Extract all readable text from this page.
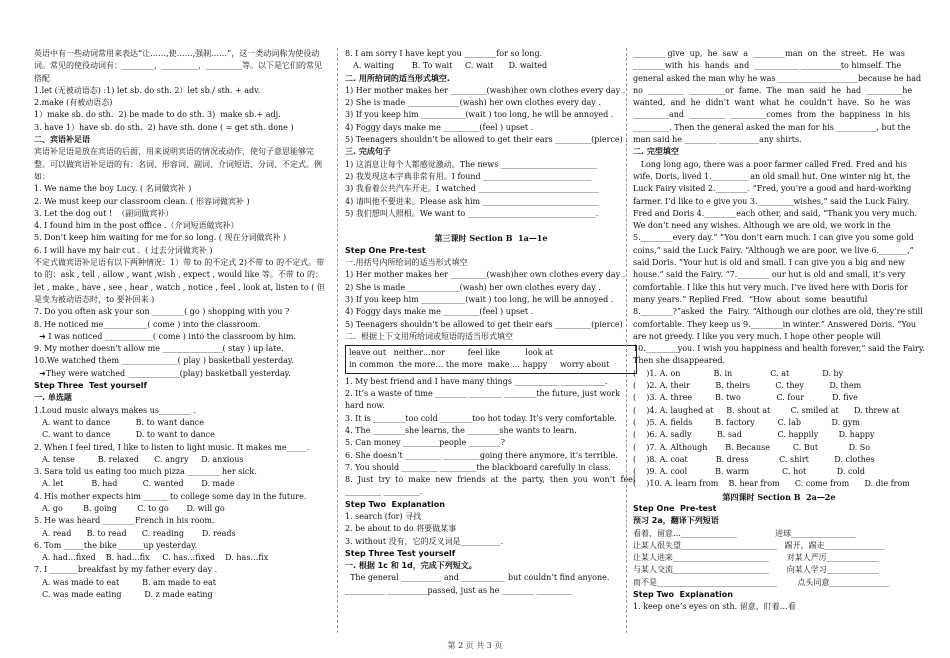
英语中有一些动词常用来表达“让……,使……,强制……”，这一类动词称为使役动词。常见的使役动词有：________，_________，_________等。以下是它们的常见搭配

1.let (无被动语态) :1) let sb. do sth. 2）let sb./ sth. + adv.

2.make (有被动语态)

1）make sb. do sth.  2) be made to do sth. 3)  make sb.+ adj.

3. have 1）have sb. do sth.  2) have sth. done ( = get sth. done )

二、宾语补足语

宾语补足语是放在宾语的后面，用来说明宾语的情况或动作，使句子意思能够完整。可以做宾语补足语的有：名词、形容词、副词、介词短语、分词、不定式。例如：

1. We name the boy Lucy. ( 名词做宾补 )

2. We must keep our classroom clean. ( 形容词做宾补 )

3. Let the dog out !  （副词做宾补）

4. I found him in the post office .（介词短语做宾补）

5. Don’t keep him waiting for me for so long. ( 现在分词做宾补 )

6. I will have my hair cut .  ( 过去分词做宾补 )

不定式做宾语补足语有以下两种情况：1）带 to 的不定式 2)不带 to 的不定式。带 to 的：ask , tell , allow , want ,wish , expect , would like 等。不带 to 的： let , make , have , see , hear , watch , notice , feel , look at, listen to ( 但是变为被动语态时，to 要补回来 )

7. Do you often ask your son ________( go ) shopping with you ?

8. He noticed me___________( come ) into the classroom.

➜ I was noticed ____________( come ) into the classroom by him.

9. My mother doesn’t allow me _______________( stay ) up late.

10.We watched them ______________( play ) basketball yesterday.

➜They were watched _____________(play) basketball yesterday.

Step Three  Test yourself

一. 单选题

1.Loud music always makes us________ .

A. want to dance          B. to want dance

C. want to dance          D. to want to dance

2. When I feel tired, I like to listen to light music. It makes me_____.

A. tense         B. relaxed      C. angry     D. anxious

3. Sara told us eating too much pizza ________ her sick.

A. let           B. had          C. wanted       D. made

4. His mother expects him ______ to college some day in the future.

A. go        B. going        C. to go       D. will go

5. He was heard ________French in his room.

A. read      B. to read      C. reading       D. reads

6. Tom _____the bike ______up yesterday.

A. had…fixed    B. had…fix     C. has…fixed    D. has…fix

7. I _______breakfast by my father every day .

A. was made to eat         B. am made to eat

C. was made eating         D. z made eating

8. I am sorry I have kept you ________for so long.

A. waiting       B. To wait     C. wait      D. waited

二. 用所给词的适当形式填空.

1) Her mother makes her _________(wash)her own clothes every day .

2) She is made _____________(wash) her own clothes every day .

3) If you keep him ___________(wait ) too long, he will be annoyed .

4) Foggy days make me _________(feel ) upset .

5) Teenagers shouldn’t be allowed to get their ears _________(pierce) .

三. 完成句子

1) 这消息让每个人都感觉激动。The news ________________________

2) 我发现这本字典非常有用。I found ___________________________

3) 我看着公共汽车开走。I watched ______________________________

4) 请叫他不要进来。Please ask him _____________________________

5) 我们想叫人照相。We want to ________________________________.

第三课时 Section B  1a—1e

Step One Pre-test

一.用括号内所给词的适当形式填空

1) Her mother makes her _________(wash)her own clothes every day .

2) She is made _____________(wash) her own clothes every day .

3) If you keep him ___________(wait ) too long, he will be annoyed .

4) Foggy days make me _________(feel ) upset .

5) Teenagers shouldn’t be allowed to get their ears _________(pierce) .

二．根据上下文用所给词或短语的适当形式填空

leave out   neither…nor         feel like          look at

in common  the more… the more  make … happy     worry about

1. My best friend and I have many things ___________ ___________.

2. It’s a waste of time ________ ________ ________the future, just work hard now.

3. It is ________too cold ________too hot today. It’s very comfortable.

4. The ________she learns, the ________she wants to learn.

5. Can money _________people ________?

6. She doesn’t _________ _________going there anymore, it’s terrible.

7. You should _________ _________the blackboard carefully in class.

8.  Just  try  to  make  new  friends  at  the  party,  then  you  won’t  feel _________ _________.

Step Two  Explanation

1. search (for) 寻找

2. be about to do 将要做某事

3. without 没有，它的反义词是__________.

Step Three Test yourself

一. 根据 1c 和 1d，完成下列短文。

The general __________ and ___________ but couldn’t find anyone. __________ __________passed, just as he ________ _________

________ give  up,  he  saw  a  ________man  on  the  street.  He  was ________with  his  hands  and  ___________ __________to himself. The general asked the man why he was ____________________because he had no  _________  _________or  fame.  The  man  said  he  had  _________he wanted,  and  he  didn’t  want  what  he  couldn’t  have.  So  he  was _________and  _________  _________comes  from  the  happiness  in  his _________. Then the general asked the man for his __________, but the man said he ________ __________any shirts.

二. 完型填空

Long long ago, there was a poor farmer called Fred. Fred and his wife, Doris, lived 1._________ an old small hut. One winter nig ht, the Luck Fairy visited 2.________. “Fred, you’re a good and hard-working farmer. I’d like to e give you 3._________wishes,” said the Luck Fairy. Fred and Doris 4.________each other, and said, “Thank you very much. We don’t need any wishes. Although we are old, we work in the 5.________every day.” “You don’t earn much. I can give you some gold coins,” said the Luck Fairy. “Although we are poor, we live 6._______,” said Doris. “Your hut is old and small. I can give you a big and new house.” said the Fairy. “7.________ our hut is old and small, it’s very comfortable. I like this hut very much. I’ve lived here with Doris for many years.” Replied Fred.  “How  about  some  beautiful  8.________?”asked  the  Fairy. “Although our clothes are old, they’re still comfortable. They keep us 9.________in winter.” Answered Doris. “You are not greedy. I like you very much. I hope other people will 10.________you. I wish you happiness and health forever,” said the Fairy. Then she disappeared.

(    )1. A. on             B. in               C. at             D. by

(    )2. A. their          B. theirs          C. they          D. them

(    )3. A. three         B. two              C. four           D. five

(    )4. A. laughed at     B. shout at        C. smiled at      D. threw at

(    )5. A. fields         B. factory         C. lab            D. gym

(    )6. A. sadly          B. sad              C. happily        D. happy

(    )7. A. Although       B. Because         C. But            D. So

(    )8. A. coat           B. dress            C. shirt          D. clothes

(    )9. A. cool           B. warm             C. hot            D. cold

(    )10. A. learn from    B. hear from      C. come from      D. die from

第四课时 Section B  2a—2e

Step One  Pre-test

预习 2a，翻译下列短语

看着，留意…______________               进球________________

让某人很失望________________________   踢开，踢走_______________

让某人进来________________________       对某人严厉_____________

与某人交流________________________       向某人学习_____________

而不是______________________________        点头同意_______________

Step Two  Explanation

1. keep one’s eyes on sth. 留意，盯着…看

第 2 页 共 3 页
